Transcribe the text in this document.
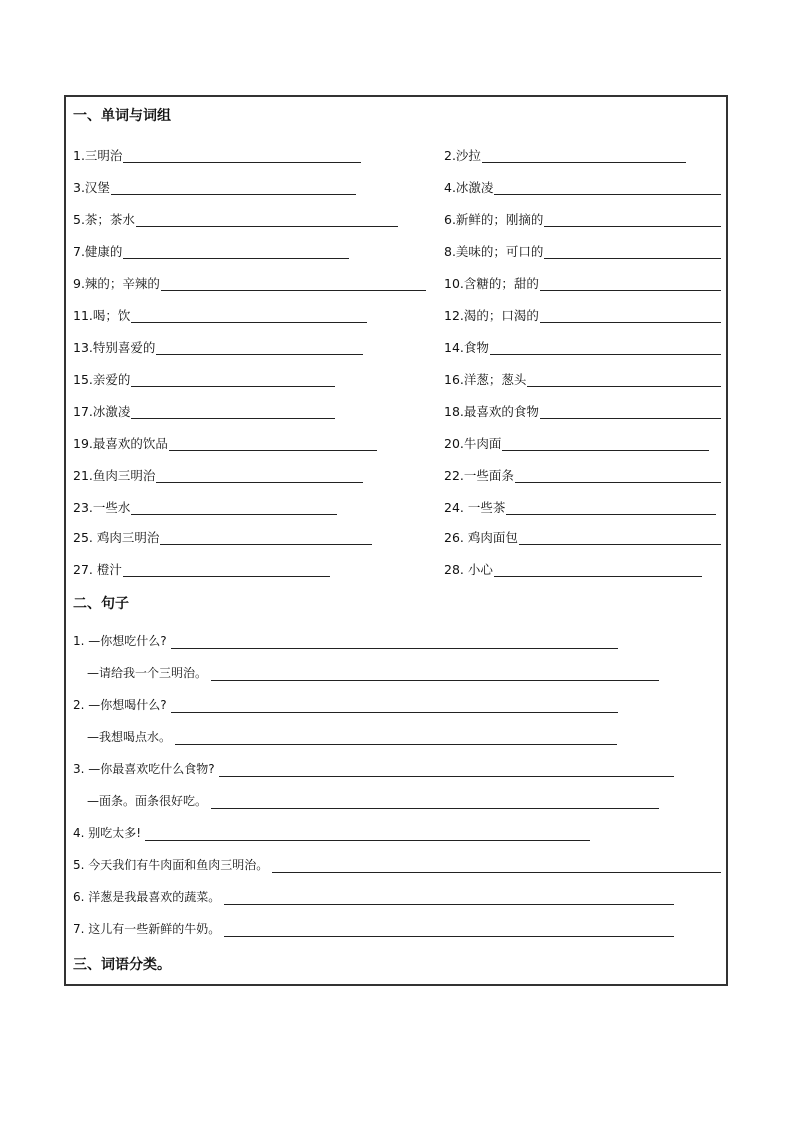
一、单词与词组
1.三明治	2.沙拉
3.汉堡	4.冰激凌
5.茶；茶水	6.新鲜的；刚摘的
7.健康的	8.美味的；可口的
9.辣的；辛辣的	10.含糖的；甜的
11.喝；饮	12.渴的；口渴的
13.特别喜爱的	14.食物
15.亲爱的	16.洋葱；葱头
17.冰激凌	18.最喜欢的食物
19.最喜欢的饮品	20.牛肉面
21.鱼肉三明治	22.一些面条
23.一些水	24. 一些茶
25. 鸡肉三明治	26. 鸡肉面包
27. 橙汁	28. 小心
二、句子
1. —你想吃什么?
—请给我一个三明治。
2. —你想喝什么?
—我想喝点水。
3. —你最喜欢吃什么食物?
—面条。面条很好吃。
4. 别吃太多!
5. 今天我们有牛肉面和鱼肉三明治。
6. 洋葱是我最喜欢的蔬菜。
7. 这儿有一些新鲜的牛奶。
三、词语分类。
